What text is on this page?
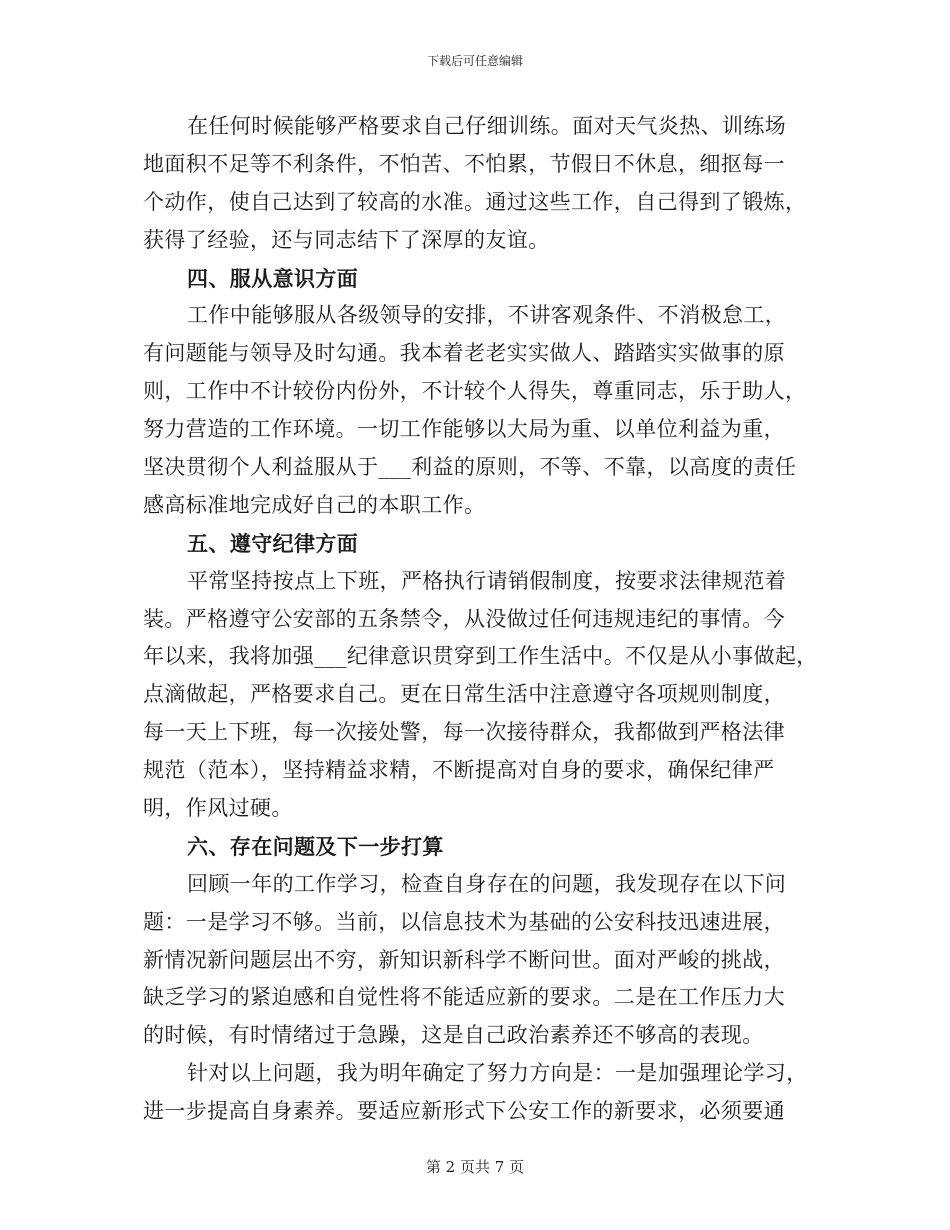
下载后可任意编辑
在任何时候能够严格要求自己仔细训练。面对天气炎热、训练场
地面积不足等不利条件，不怕苦、不怕累，节假日不休息，细抠每一
个动作，使自己达到了较高的水准。通过这些工作，自己得到了锻炼，
获得了经验，还与同志结下了深厚的友谊。
四、服从意识方面
工作中能够服从各级领导的安排，不讲客观条件、不消极怠工，
有问题能与领导及时勾通。我本着老老实实做人、踏踏实实做事的原
则，工作中不计较份内份外，不计较个人得失，尊重同志，乐于助人，
努力营造的工作环境。一切工作能够以大局为重、以单位利益为重，
坚决贯彻个人利益服从于___利益的原则，不等、不靠，以高度的责任
感高标准地完成好自己的本职工作。
五、遵守纪律方面
平常坚持按点上下班，严格执行请销假制度，按要求法律规范着
装。严格遵守公安部的五条禁令，从没做过任何违规违纪的事情。今
年以来，我将加强___纪律意识贯穿到工作生活中。不仅是从小事做起，
点滴做起，严格要求自己。更在日常生活中注意遵守各项规则制度，
每一天上下班，每一次接处警，每一次接待群众，我都做到严格法律
规范（范本），坚持精益求精，不断提高对自身的要求，确保纪律严
明，作风过硬。
六、存在问题及下一步打算
回顾一年的工作学习，检查自身存在的问题，我发现存在以下问
题：一是学习不够。当前，以信息技术为基础的公安科技迅速进展，
新情况新问题层出不穷，新知识新科学不断问世。面对严峻的挑战，
缺乏学习的紧迫感和自觉性将不能适应新的要求。二是在工作压力大
的时候，有时情绪过于急躁，这是自己政治素养还不够高的表现。
针对以上问题，我为明年确定了努力方向是：一是加强理论学习，
进一步提高自身素养。要适应新形式下公安工作的新要求，必须要通
第 2 页共 7 页
